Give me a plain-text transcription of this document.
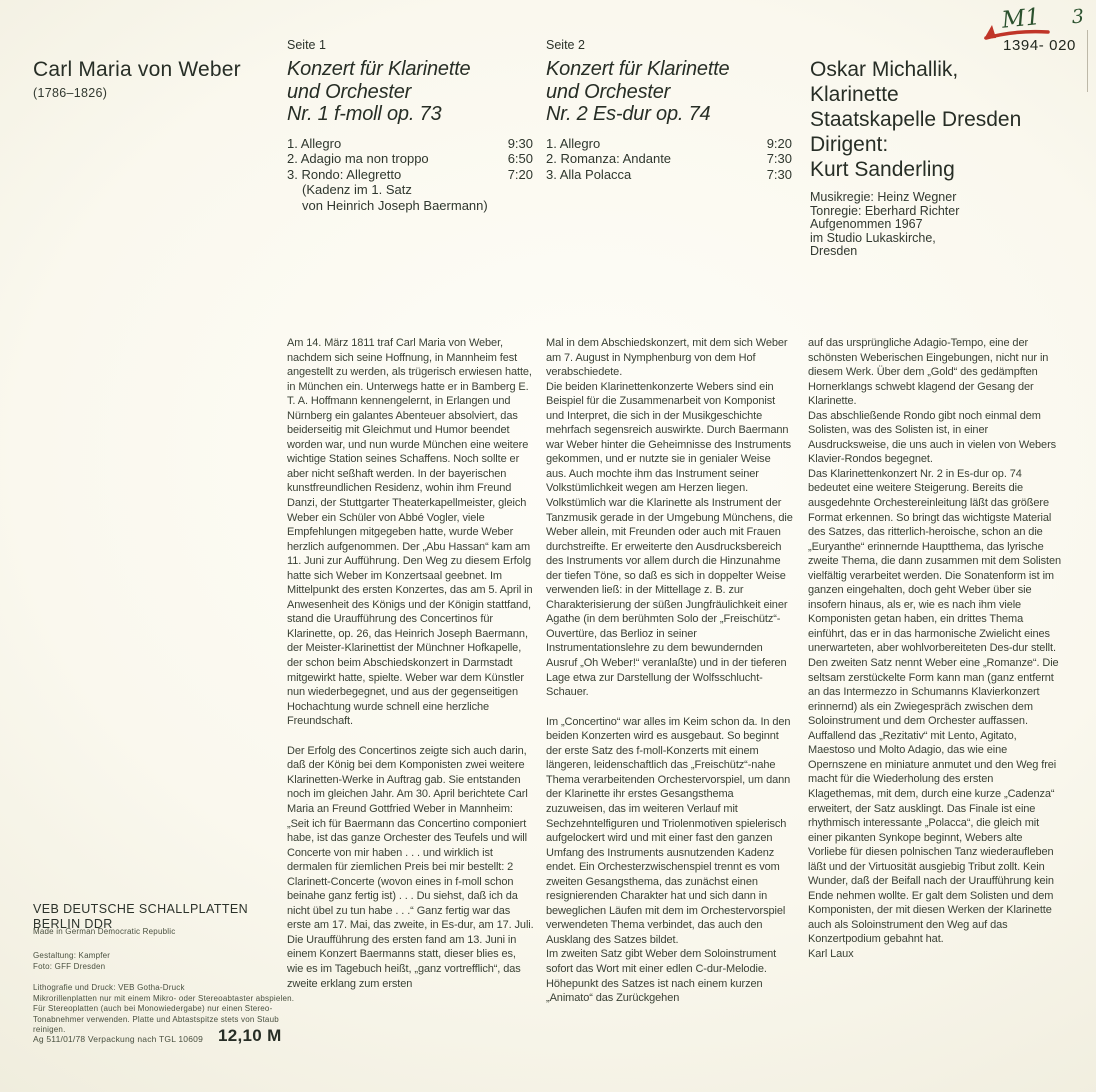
Carl Maria von Weber
(1786–1826)
Seite 1
Konzert für Klarinette
und Orchester
Nr. 1 f-moll op. 73
1. Allegro	9:30
2. Adagio ma non troppo	6:50
3. Rondo: Allegretto	7:20
(Kadenz im 1. Satz
von Heinrich Joseph Baermann)
Seite 2
Konzert für Klarinette
und Orchester
Nr. 2 Es-dur op. 74
1. Allegro	9:20
2. Romanza: Andante	7:30
3. Alla Polacca	7:30
Oskar Michallik,
Klarinette
Staatskapelle Dresden
Dirigent:
Kurt Sanderling
Musikregie: Heinz Wegner
Tonregie: Eberhard Richter
Aufgenommen 1967
im Studio Lukaskirche,
Dresden
1394- 020
M1 3

Am 14. März 1811 traf Carl Maria von Weber, nachdem sich seine Hoffnung, in Mannheim fest angestellt zu werden, als trügerisch erwiesen hatte, in München ein. Unterwegs hatte er in Bamberg E. T. A. Hoffmann kennengelernt, in Erlangen und Nürnberg ein galantes Abenteuer absolviert, das beiderseitig mit Gleichmut und Humor beendet worden war, und nun wurde München eine weitere wichtige Station seines Schaffens. Noch sollte er aber nicht seßhaft werden. In der bayerischen kunstfreundlichen Residenz, wohin ihm Freund Danzi, der Stuttgarter Theaterkapellmeister, gleich Weber ein Schüler von Abbé Vogler, viele Empfehlungen mitgegeben hatte, wurde Weber herzlich aufgenommen. Der „Abu Hassan“ kam am 11. Juni zur Aufführung. Den Weg zu diesem Erfolg hatte sich Weber im Konzertsaal geebnet. Im Mittelpunkt des ersten Konzertes, das am 5. April in Anwesenheit des Königs und der Königin stattfand, stand die Uraufführung des Concertinos für Klarinette, op. 26, das Heinrich Joseph Baermann, der Meister-Klarinettist der Münchner Hofkapelle, der schon beim Abschiedskonzert in Darmstadt mitgewirkt hatte, spielte. Weber war dem Künstler nun wiederbegegnet, und aus der gegenseitigen Hochachtung wurde schnell eine herzliche Freundschaft.

Der Erfolg des Concertinos zeigte sich auch darin, daß der König bei dem Komponisten zwei weitere Klarinetten-Werke in Auftrag gab. Sie entstanden noch im gleichen Jahr. Am 30. April berichtete Carl Maria an Freund Gottfried Weber in Mannheim: „Seit ich für Baermann das Concertino componiert habe, ist das ganze Orchester des Teufels und will Concerte von mir haben . . . und wirklich ist dermalen für ziemlichen Preis bei mir bestellt: 2 Clarinett-Concerte (wovon eines in f-moll schon beinahe ganz fertig ist) . . . Du siehst, daß ich da nicht übel zu tun habe . . .“ Ganz fertig war das erste am 17. Mai, das zweite, in Es-dur, am 17. Juli. Die Uraufführung des ersten fand am 13. Juni in einem Konzert Baermanns statt, dieser blies es, wie es im Tagebuch heißt, „ganz vortrefflich“, das zweite erklang zum ersten

Mal in dem Abschiedskonzert, mit dem sich Weber am 7. August in Nymphenburg von dem Hof verabschiedete.

Die beiden Klarinettenkonzerte Webers sind ein Beispiel für die Zusammenarbeit von Komponist und Interpret, die sich in der Musikgeschichte mehrfach segensreich auswirkte. Durch Baermann war Weber hinter die Geheimnisse des Instruments gekommen, und er nutzte sie in genialer Weise aus. Auch mochte ihm das Instrument seiner Volkstümlichkeit wegen am Herzen liegen. Volkstümlich war die Klarinette als Instrument der Tanzmusik gerade in der Umgebung Münchens, die Weber allein, mit Freunden oder auch mit Frauen durchstreifte. Er erweiterte den Ausdrucksbereich des Instruments vor allem durch die Hinzunahme der tiefen Töne, so daß es sich in doppelter Weise verwenden ließ: in der Mittellage z. B. zur Charakterisierung der süßen Jungfräulichkeit einer Agathe (in dem berühmten Solo der „Freischütz“-Ouvertüre, das Berlioz in seiner Instrumentationslehre zu dem bewundernden Ausruf „Oh Weber!“ veranlaßte) und in der tieferen Lage etwa zur Darstellung der Wolfsschlucht-Schauer.

Im „Concertino“ war alles im Keim schon da. In den beiden Konzerten wird es ausgebaut. So beginnt der erste Satz des f-moll-Konzerts mit einem längeren, leidenschaftlich das „Freischütz“-nahe Thema verarbeitenden Orchestervorspiel, um dann der Klarinette ihr erstes Gesangsthema zuzuweisen, das im weiteren Verlauf mit Sechzehntelfiguren und Triolenmotiven spielerisch aufgelockert wird und mit einer fast den ganzen Umfang des Instruments ausnutzenden Kadenz endet. Ein Orchesterzwischenspiel trennt es vom zweiten Gesangsthema, das zunächst einen resignierenden Charakter hat und sich dann in beweglichen Läufen mit dem im Orchestervorspiel verwendeten Thema verbindet, das auch den Ausklang des Satzes bildet.

Im zweiten Satz gibt Weber dem Soloinstrument sofort das Wort mit einer edlen C-dur-Melodie. Höhepunkt des Satzes ist nach einem kurzen „Animato“ das Zurückgehen

auf das ursprüngliche Adagio-Tempo, eine der schönsten Weberischen Eingebungen, nicht nur in diesem Werk. Über dem „Gold“ des gedämpften Hornerklangs schwebt klagend der Gesang der Klarinette.

Das abschließende Rondo gibt noch einmal dem Solisten, was des Solisten ist, in einer Ausdrucksweise, die uns auch in vielen von Webers Klavier-Rondos begegnet.

Das Klarinettenkonzert Nr. 2 in Es-dur op. 74 bedeutet eine weitere Steigerung. Bereits die ausgedehnte Orchestereinleitung läßt das größere Format erkennen. So bringt das wichtigste Material des Satzes, das ritterlich-heroische, schon an die „Euryanthe“ erinnernde Hauptthema, das lyrische zweite Thema, die dann zusammen mit dem Solisten vielfältig verarbeitet werden. Die Sonatenform ist im ganzen eingehalten, doch geht Weber über sie insofern hinaus, als er, wie es nach ihm viele Komponisten getan haben, ein drittes Thema einführt, das er in das harmonische Zwielicht eines unerwarteten, aber wohlvorbereiteten Des-dur stellt.

Den zweiten Satz nennt Weber eine „Romanze“. Die seltsam zerstückelte Form kann man (ganz entfernt an das Intermezzo in Schumanns Klavierkonzert erinnernd) als ein Zwiegespräch zwischen dem Soloinstrument und dem Orchester auffassen. Auffallend das „Rezitativ“ mit Lento, Agitato, Maestoso und Molto Adagio, das wie eine Opernszene en miniature anmutet und den Weg frei macht für die Wiederholung des ersten Klagethemas, mit dem, durch eine kurze „Cadenza“ erweitert, der Satz ausklingt. Das Finale ist eine rhythmisch interessante „Polacca“, die gleich mit einer pikanten Synkope beginnt, Webers alte Vorliebe für diesen polnischen Tanz wiederaufleben läßt und der Virtuosität ausgiebig Tribut zollt. Kein Wunder, daß der Beifall nach der Uraufführung kein Ende nehmen wollte. Er galt dem Solisten und dem Komponisten, der mit diesen Werken der Klarinette auch als Soloinstrument den Weg auf das Konzertpodium gebahnt hat.

Karl Laux

VEB DEUTSCHE SCHALLPLATTEN
BERLIN DDR
Made in German Democratic Republic
Gestaltung: Kampfer
Foto: GFF Dresden
Lithografie und Druck: VEB Gotha-Druck
Mikrorillenplatten nur mit einem Mikro- oder Stereoabtaster abspielen. Für Stereoplatten (auch bei Monowiedergabe) nur einen Stereo-Tonabnehmer verwenden. Platte und Abtastspitze stets von Staub reinigen.
Ag 511/01/78 Verpackung nach TGL 10609 12,10 M
